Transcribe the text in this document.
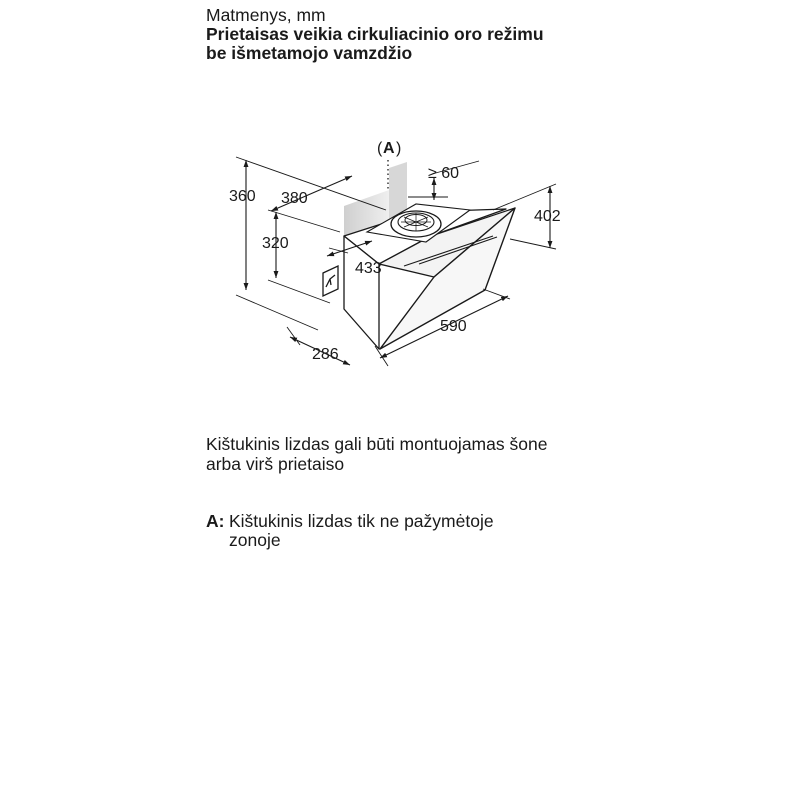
Matmenys, mm

Prietaisas veikia cirkuliacinio oro režimu

be išmetamojo vamzdžio

( A )
≥ 60
360 380
320
402
433
590
286

Kištukinis lizdas gali būti montuojamas šone

arba virš prietaiso

A: Kištukinis lizdas tik ne pažymėtoje

zonoje
